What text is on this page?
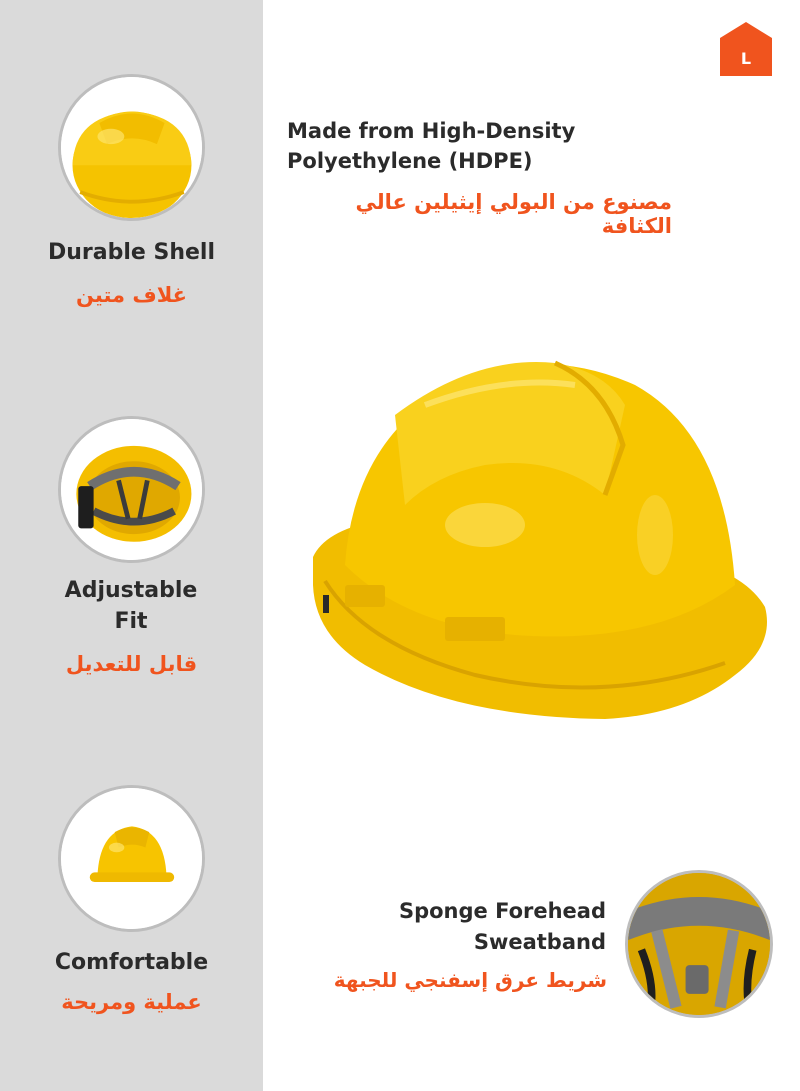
Durable Shell
غلاف متين
Adjustable Fit
قابل للتعديل
Comfortable
عملية ومريحة
L
Made from High-Density
Polyethylene (HDPE)
مصنوع من البولي إيثيلين عالي الكثافة
Sponge Forehead
Sweatband
شريط عرق إسفنجي للجبهة
